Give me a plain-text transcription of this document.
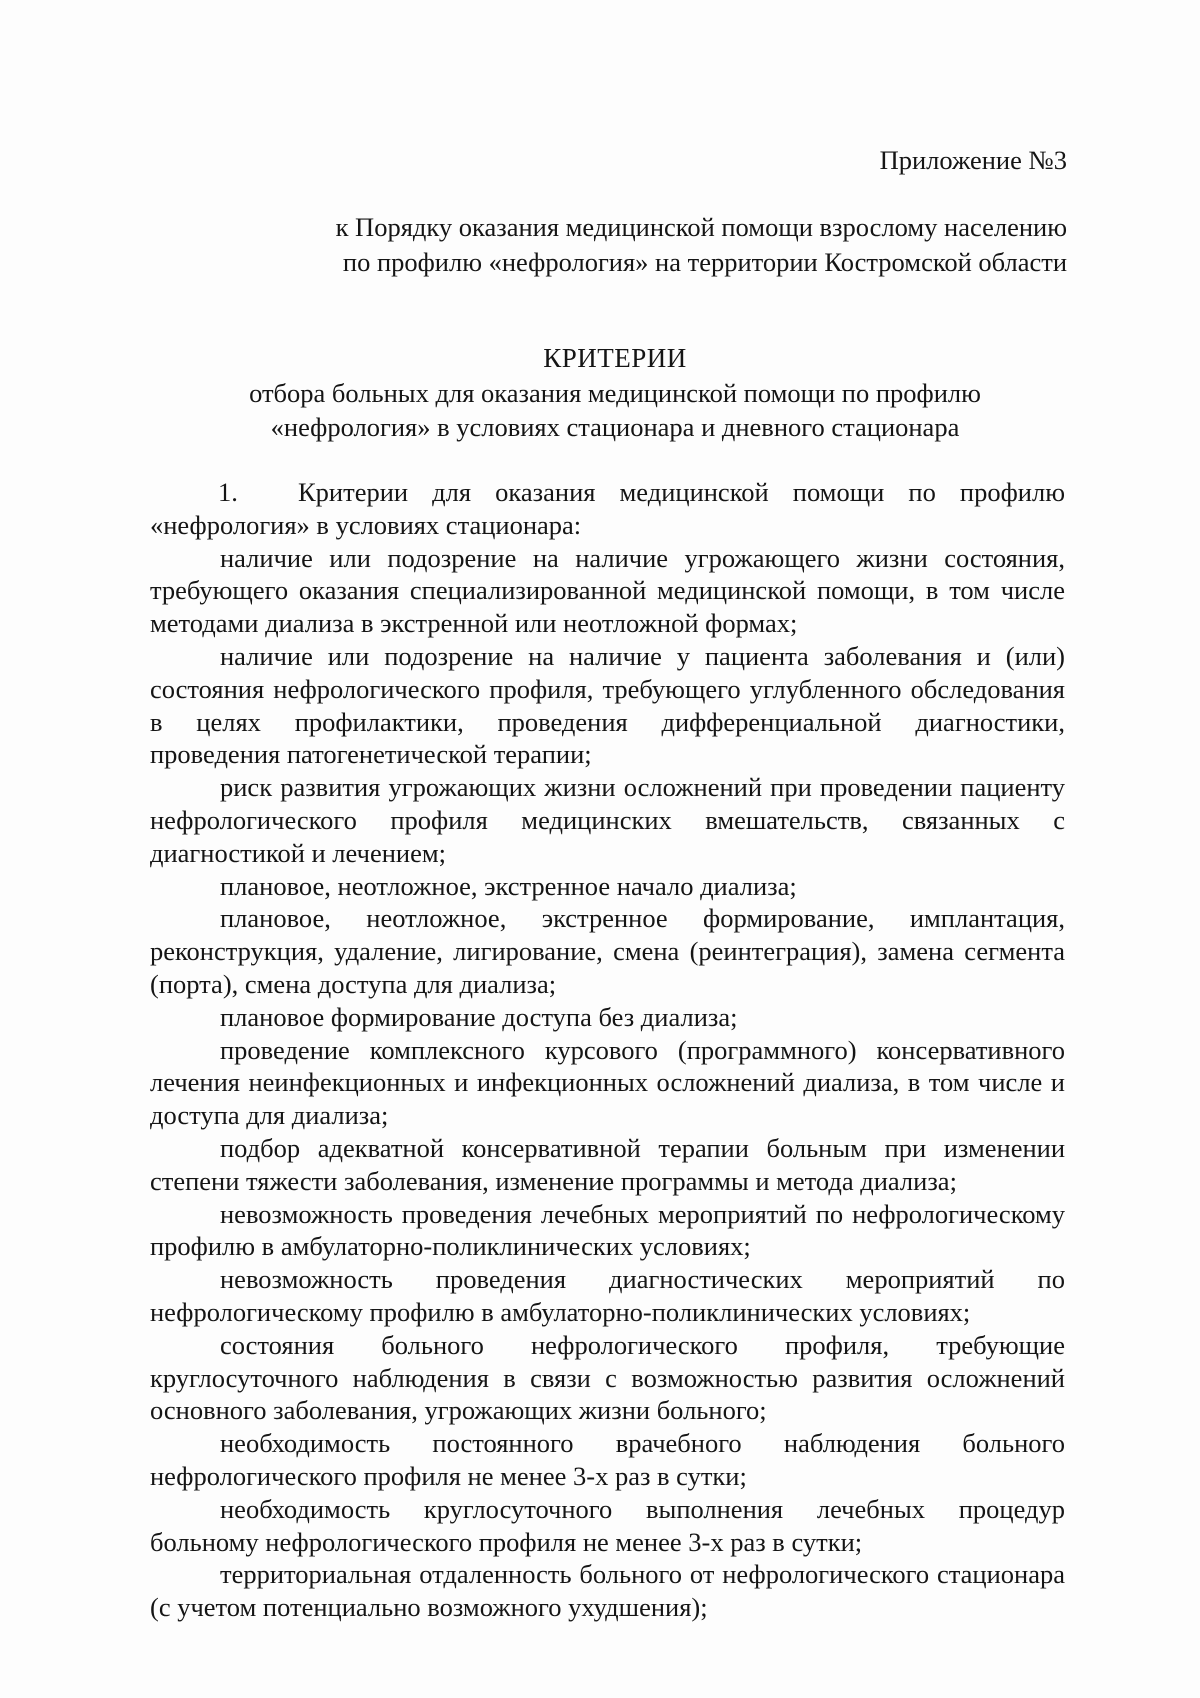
Приложение №3
к Порядку оказания медицинской помощи взрослому населению
по профилю «нефрология» на территории Костромской области
КРИТЕРИИ
отбора больных для оказания медицинской помощи по профилю
«нефрология» в условиях стационара и дневного стационара

1. Критерии для оказания медицинской помощи по профилю «нефрология» в условиях стационара:

наличие или подозрение на наличие угрожающего жизни состояния, требующего оказания специализированной медицинской помощи, в том числе методами диализа в экстренной или неотложной формах;

наличие или подозрение на наличие у пациента заболевания и (или) состояния нефрологического профиля, требующего углубленного обследования в целях профилактики, проведения дифференциальной диагностики, проведения патогенетической терапии;

риск развития угрожающих жизни осложнений при проведении пациенту нефрологического профиля медицинских вмешательств, связанных с диагностикой и лечением;

плановое, неотложное, экстренное начало диализа;

плановое, неотложное, экстренное формирование, имплантация, реконструкция, удаление, лигирование, смена (реинтеграция), замена сегмента (порта), смена доступа для диализа;

плановое формирование доступа без диализа;

проведение комплексного курсового (программного) консервативного лечения неинфекционных и инфекционных осложнений диализа, в том числе и доступа для диализа;

подбор адекватной консервативной терапии больным при изменении степени тяжести заболевания, изменение программы и метода диализа;

невозможность проведения лечебных мероприятий по нефрологическому профилю в амбулаторно-поликлинических условиях;

невозможность проведения диагностических мероприятий по нефрологическому профилю в амбулаторно-поликлинических условиях;

состояния больного нефрологического профиля, требующие круглосуточного наблюдения в связи с возможностью развития осложнений основного заболевания, угрожающих жизни больного;

необходимость постоянного врачебного наблюдения больного нефрологического профиля не менее 3-х раз в сутки;

необходимость круглосуточного выполнения лечебных процедур больному нефрологического профиля не менее 3-х раз в сутки;

территориальная отдаленность больного от нефрологического стационара (с учетом потенциально возможного ухудшения);
